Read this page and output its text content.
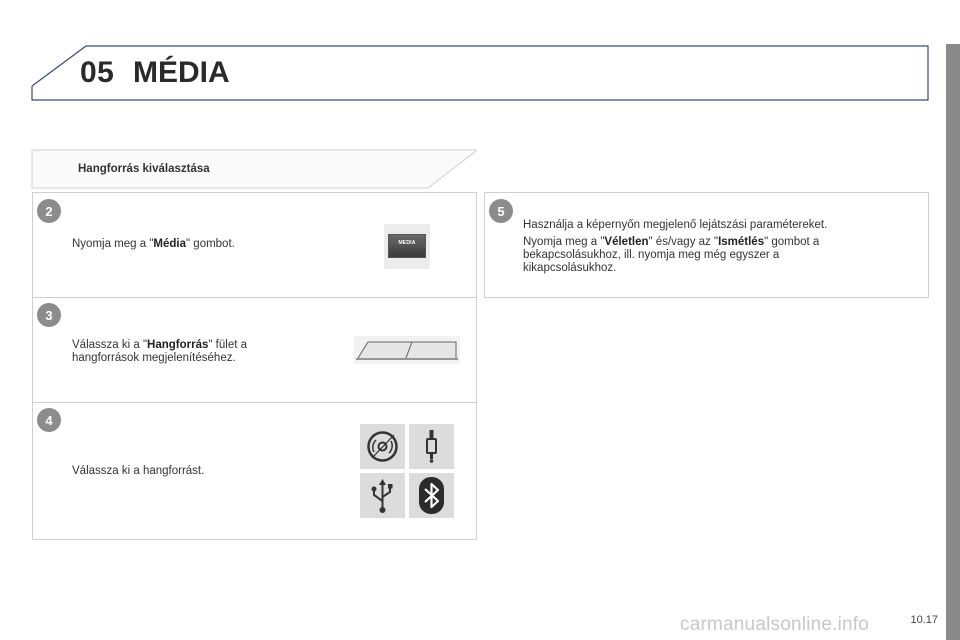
05 MÉDIA
Hangforrás kiválasztása
2
Nyomja meg a "Média" gombot.	MEDIA
3
Válassza ki a "Hangforrás" fület a hangforrások megjelenítéséhez.
4
Válassza ki a hangforrást.
5
Használja a képernyőn megjelenő lejátszási paramétereket.
Nyomja meg a "Véletlen" és/vagy az "Ismétlés" gombot a bekapcsolásukhoz, ill. nyomja meg még egyszer a kikapcsolásukhoz.
carmanualsonline.info	10.17
